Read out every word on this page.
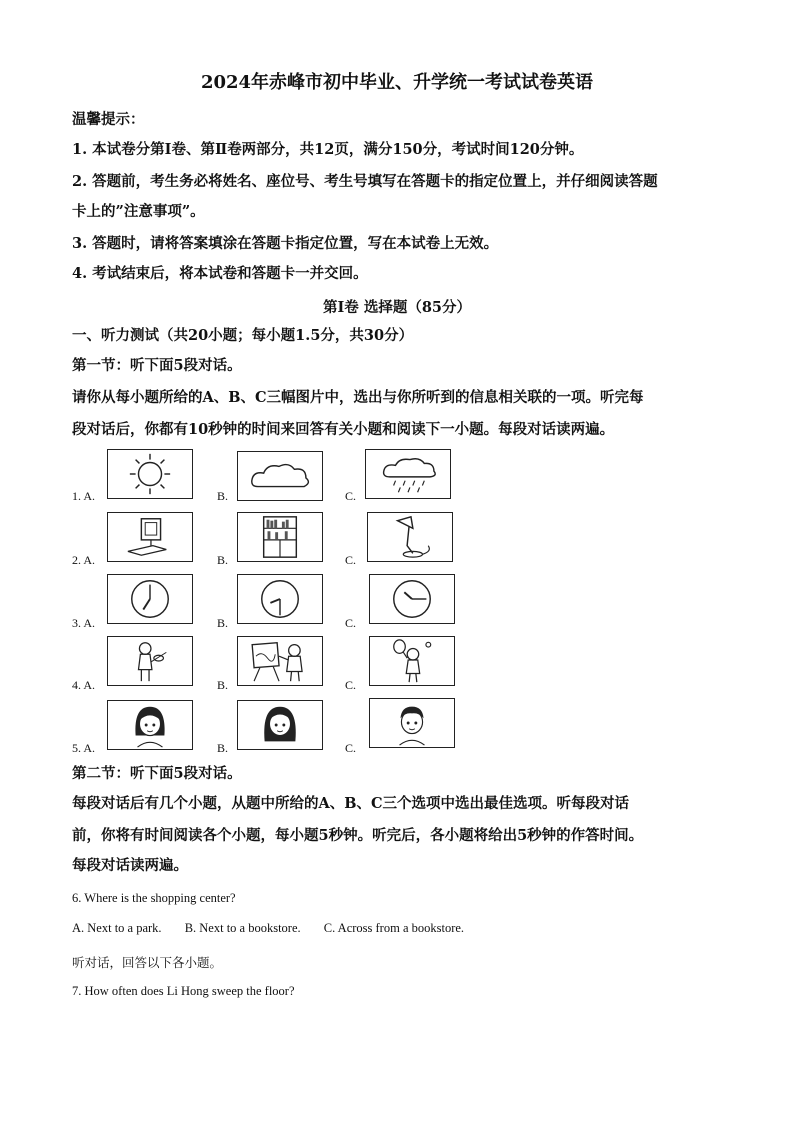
2024年赤峰市初中毕业、升学统一考试试卷英语
温馨提示：
1. 本试卷分第Ⅰ卷、第Ⅱ卷两部分，共12页，满分150分，考试时间120分钟。
2. 答题前，考生务必将姓名、座位号、考生号填写在答题卡的指定位置上，并仔细阅读答题
卡上的”注意事项”。
3. 答题时，请将答案填涂在答题卡指定位置，写在本试卷上无效。
4. 考试结束后，将本试卷和答题卡一并交回。
第Ⅰ卷 选择题（85分）
一、听力测试（共20小题；每小题1.5分，共30分）
第一节：听下面5段对话。
请你从每小题所给的A、B、C三幅图片中，选出与你所听到的信息相关联的一项。听完每
段对话后，你都有10秒钟的时间来回答有关小题和阅读下一小题。每段对话读两遍。
1. A.	B.	C.
2. A.	B.	C.
3. A.	B.	C.
4. A.	B.	C.
5. A.	B.	C.
第二节：听下面5段对话。
每段对话后有几个小题，从题中所给的A、B、C三个选项中选出最佳选项。听每段对话
前，你将有时间阅读各个小题，每小题5秒钟。听完后，各小题将给出5秒钟的作答时间。
每段对话读两遍。
6. Where is the shopping center?
A. Next to a park. B. Next to a bookstore. C. Across from a bookstore.
听对话，回答以下各小题。
7. How often does Li Hong sweep the floor?
